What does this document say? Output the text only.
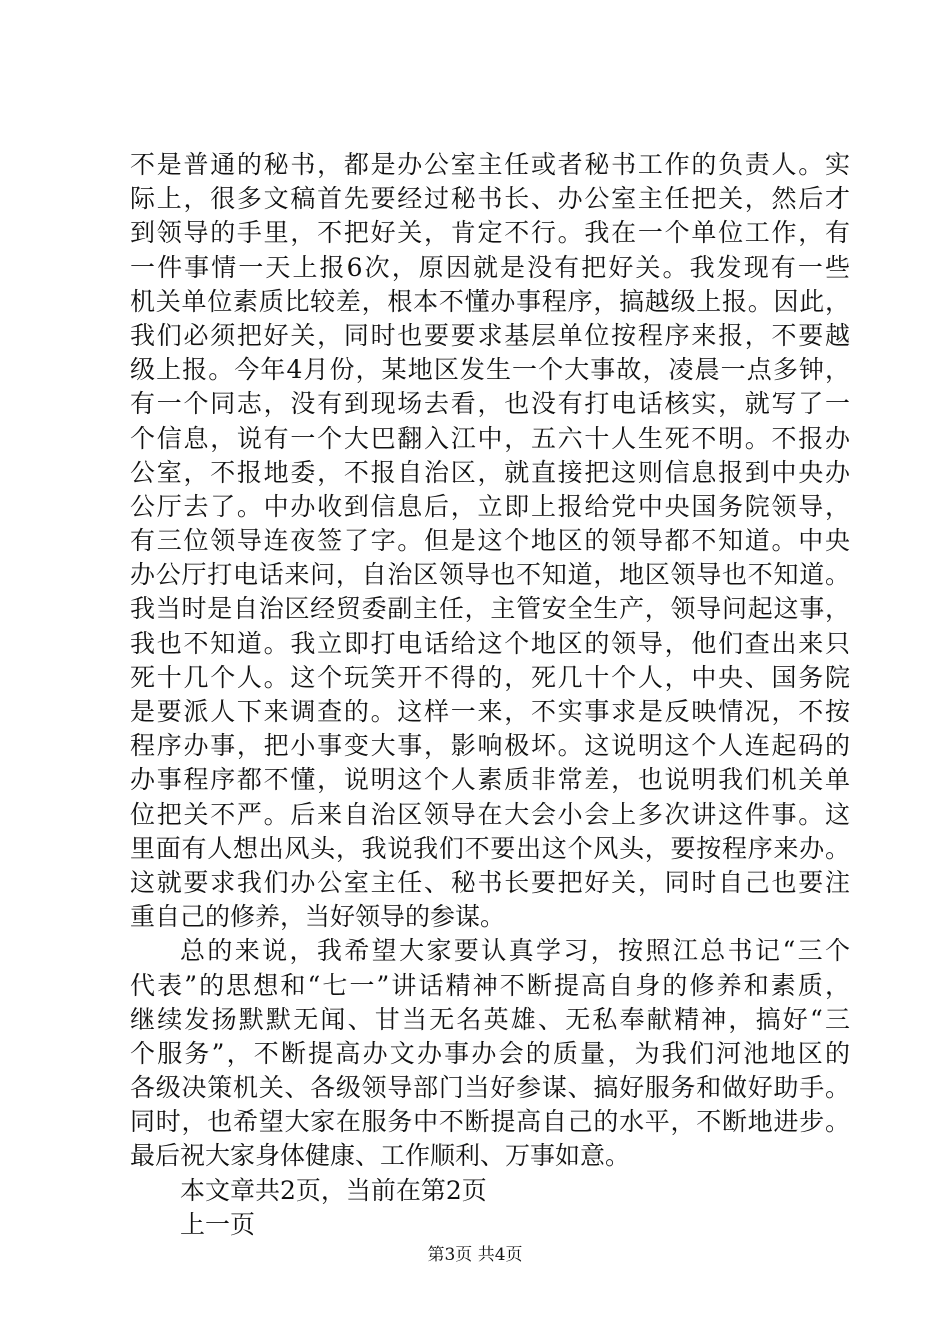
不是普通的秘书，都是办公室主任或者秘书工作的负责人。实
际上，很多文稿首先要经过秘书长、办公室主任把关，然后才
到领导的手里，不把好关，肯定不行。我在一个单位工作，有
一件事情一天上报6次，原因就是没有把好关。我发现有一些
机关单位素质比较差，根本不懂办事程序，搞越级上报。因此，
我们必须把好关，同时也要要求基层单位按程序来报，不要越
级上报。今年4月份，某地区发生一个大事故，凌晨一点多钟，
有一个同志，没有到现场去看，也没有打电话核实，就写了一
个信息，说有一个大巴翻入江中，五六十人生死不明。不报办
公室，不报地委，不报自治区，就直接把这则信息报到中央办
公厅去了。中办收到信息后，立即上报给党中央国务院领导，
有三位领导连夜签了字。但是这个地区的领导都不知道。中央
办公厅打电话来问，自治区领导也不知道，地区领导也不知道。
我当时是自治区经贸委副主任，主管安全生产，领导问起这事，
我也不知道。我立即打电话给这个地区的领导，他们查出来只
死十几个人。这个玩笑开不得的，死几十个人，中央、国务院
是要派人下来调查的。这样一来，不实事求是反映情况，不按
程序办事，把小事变大事，影响极坏。这说明这个人连起码的
办事程序都不懂，说明这个人素质非常差，也说明我们机关单
位把关不严。后来自治区领导在大会小会上多次讲这件事。这
里面有人想出风头，我说我们不要出这个风头，要按程序来办。
这就要求我们办公室主任、秘书长要把好关，同时自己也要注
重自己的修养，当好领导的参谋。
总的来说，我希望大家要认真学习，按照江总书记“三个
代表”的思想和“七一”讲话精神不断提高自身的修养和素质，
继续发扬默默无闻、甘当无名英雄、无私奉献精神，搞好“三
个服务”，不断提高办文办事办会的质量，为我们河池地区的
各级决策机关、各级领导部门当好参谋、搞好服务和做好助手。
同时，也希望大家在服务中不断提高自己的水平，不断地进步。
最后祝大家身体健康、工作顺利、万事如意。
本文章共2页，当前在第2页
上一页
第3页 共4页
